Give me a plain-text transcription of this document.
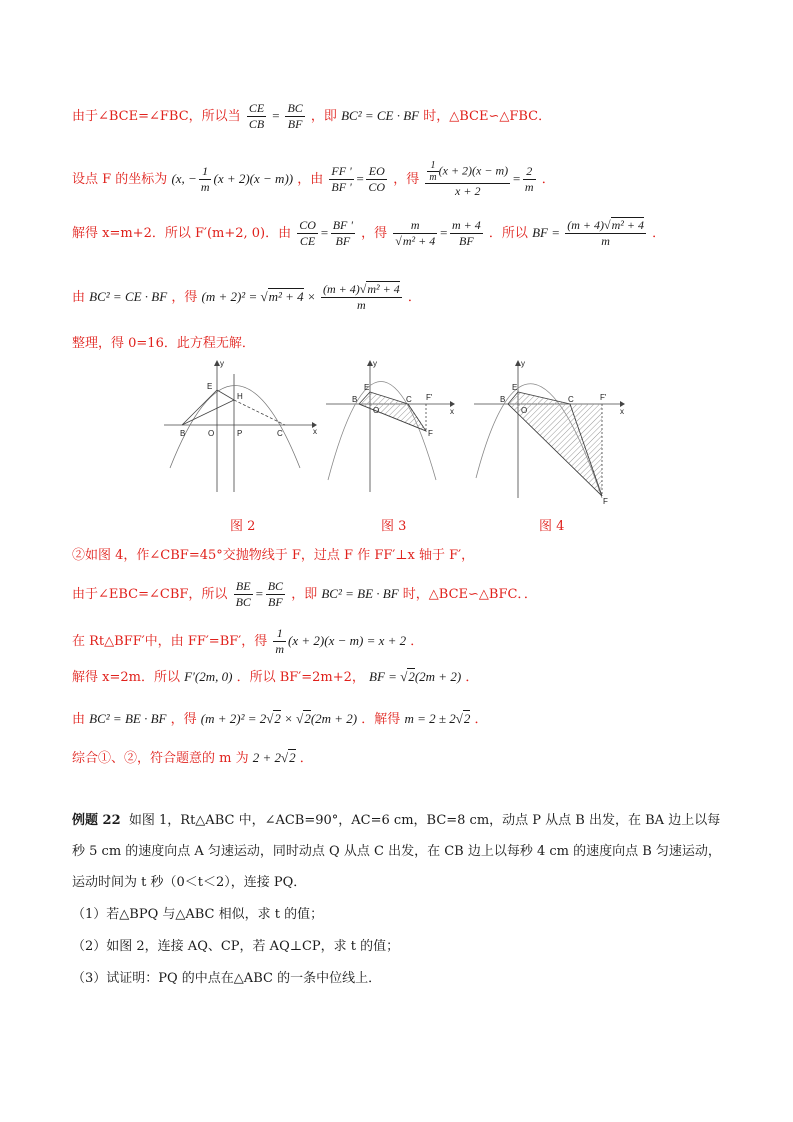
由于∠BCE=∠FBC，所以当 $\frac{CE}{CB} = \frac{BC}{BF}$ ，即 BC² = CE · BF 时，△BCE∽△FBC．
设点 F 的坐标为 (x, − $\frac{1}{m} (x + 2)(x - m)$) ，由 $\frac{FF '}{BF '} = \frac{EO}{CO}$ ，得 $\frac{\frac{1}{m} (x + 2)(x - m)}{x + 2} = \frac{2}{m}$ ．
解得 x=m+2．所以 F′(m+2, 0)．由 $\frac{CO}{CE} = \frac{BF '}{BF}$ ，得 $\frac{m}{\text{√m² + 4}} = \frac{m + 4}{BF}$ ．所以 BF = $\frac{\text{(m + 4)√m² + 4}}{m}$ ．
由 BC² = CE · BF ，得 $(m + 2)^2 = √m^2 + 4 \times \frac{\text{(m + 4)√m² + 4}}{m}$ ．
整理，得 0=16．此方程无解．
y
x
E
H
B	O	P	C
y
x
E
B
O
C F'
F
y
x
E
B
O
C	F'
F
图 2	图 3	图 4
②如图 4，作∠CBF=45°交抛物线于 F，过点 F 作 FF′⊥x 轴于 F′，
由于∠EBC=∠CBF，所以 $\frac{BE}{BC} = \frac{BC}{BF}$ ，即 BC² = BE · BF 时，△BCE∽△BFC．．
在 Rt△BFF′中，由 FF′=BF′，得 $\frac{1}{m} (x + 2)(x - m) = x + 2$ ．
解得 x=2m．所以 F′(2m, 0) ．所以 BF′=2m+2， BF = √2(2m + 2) ．
由 BC² = BE · BF ，得 (m + 2)² = 2√2 × √2(2m + 2) ．解得 m = 2 ± 2√2 ．
综合①、②，符合题意的 m 为 2 + 2√2 ．
例题 22 如图 1，Rt△ABC 中，∠ACB=90°，AC=6 cm，BC=8 cm，动点 P 从点 B 出发，在 BA 边上以每
秒 5 cm 的速度向点 A 匀速运动，同时动点 Q 从点 C 出发，在 CB 边上以每秒 4 cm 的速度向点 B 匀速运动，
运动时间为 t 秒（0＜t＜2），连接 PQ．
（1）若△BPQ 与△ABC 相似，求 t 的值；
（2）如图 2，连接 AQ、CP，若 AQ⊥CP，求 t 的值；
（3）试证明：PQ 的中点在△ABC 的一条中位线上．
